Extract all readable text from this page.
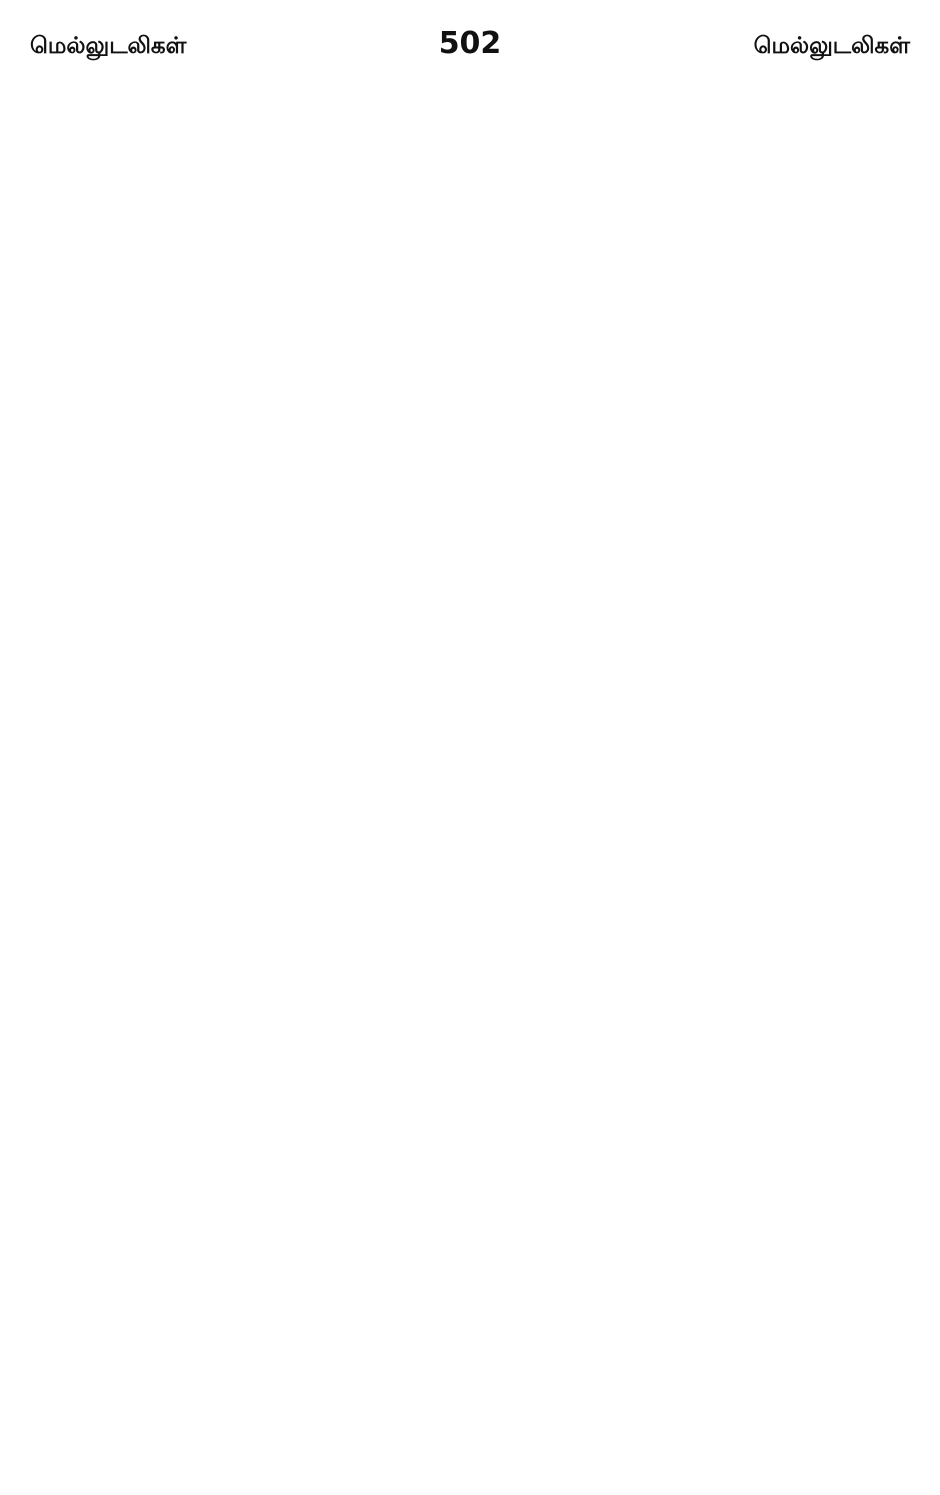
மெல்லுடலிகள்	502	மெல்லுடலிகள்
